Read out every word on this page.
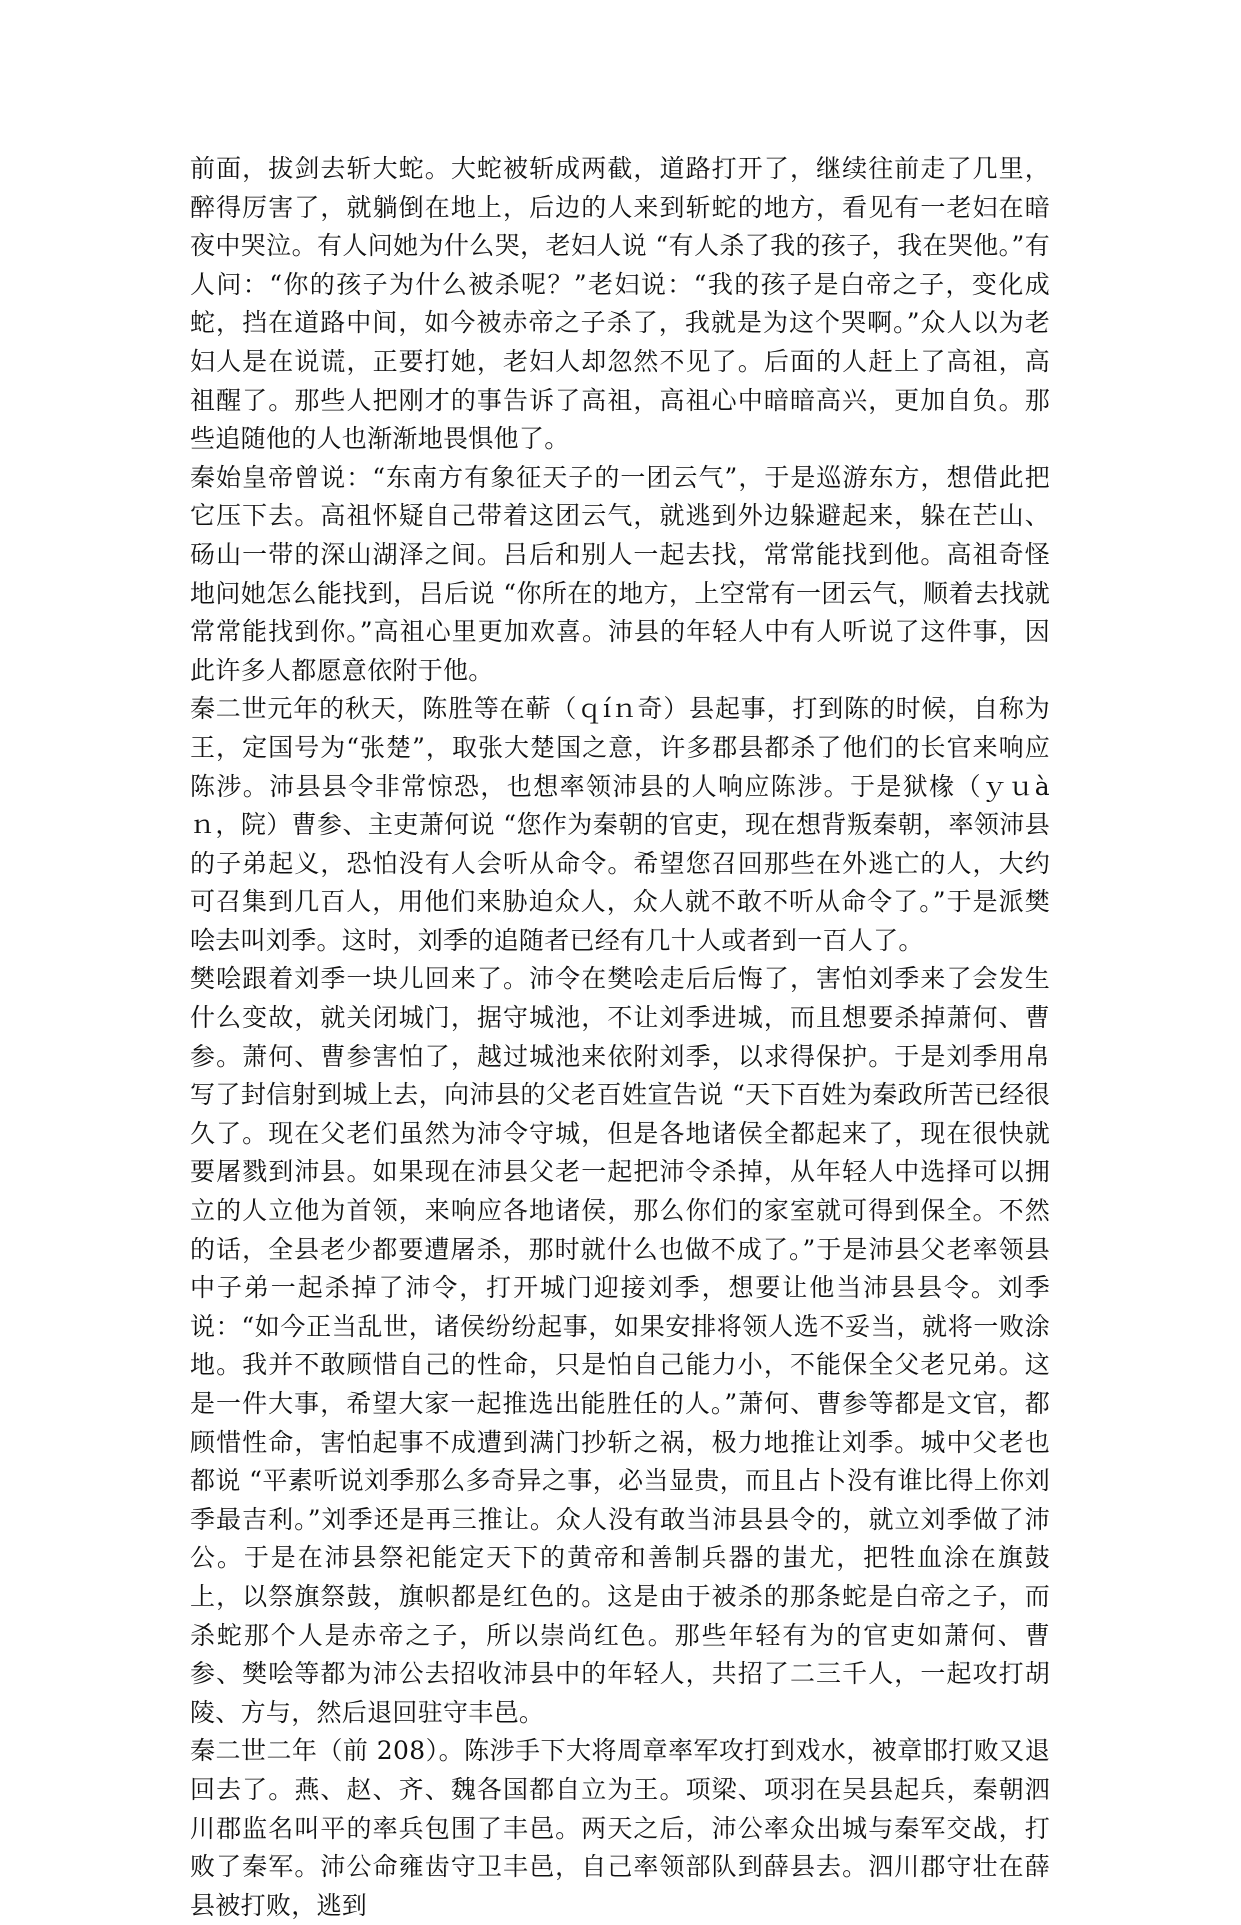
前面，拔剑去斩大蛇。大蛇被斩成两截，道路打开了，继续往前走了几里，醉得厉害了，就躺倒在地上，后边的人来到斩蛇的地方，看见有一老妇在暗夜中哭泣。有人问她为什么哭，老妇人说 “有人杀了我的孩子，我在哭他。”有人问：“你的孩子为什么被杀呢？”老妇说：“我的孩子是白帝之子，变化成蛇，挡在道路中间，如今被赤帝之子杀了，我就是为这个哭啊。”众人以为老妇人是在说谎，正要打她，老妇人却忽然不见了。后面的人赶上了高祖，高祖醒了。那些人把刚才的事告诉了高祖，高祖心中暗暗高兴，更加自负。那些追随他的人也渐渐地畏惧他了。

秦始皇帝曾说：“东南方有象征天子的一团云气”，于是巡游东方，想借此把它压下去。高祖怀疑自己带着这团云气，就逃到外边躲避起来，躲在芒山、砀山一带的深山湖泽之间。吕后和别人一起去找，常常能找到他。高祖奇怪地问她怎么能找到，吕后说 “你所在的地方，上空常有一团云气，顺着去找就常常能找到你。”高祖心里更加欢喜。沛县的年轻人中有人听说了这件事，因此许多人都愿意依附于他。

秦二世元年的秋天，陈胜等在蕲（ｑíｎ奇）县起事，打到陈的时候，自称为王，定国号为“张楚”，取张大楚国之意，许多郡县都杀了他们的长官来响应陈涉。沛县县令非常惊恐，也想率领沛县的人响应陈涉。于是狱椽（ｙｕàｎ，院）曹参、主吏萧何说 “您作为秦朝的官吏，现在想背叛秦朝，率领沛县的子弟起义，恐怕没有人会听从命令。希望您召回那些在外逃亡的人，大约可召集到几百人，用他们来胁迫众人，众人就不敢不听从命令了。”于是派樊哙去叫刘季。这时，刘季的追随者已经有几十人或者到一百人了。

樊哙跟着刘季一块儿回来了。沛令在樊哙走后后悔了，害怕刘季来了会发生什么变故，就关闭城门，据守城池，不让刘季进城，而且想要杀掉萧何、曹参。萧何、曹参害怕了，越过城池来依附刘季，以求得保护。于是刘季用帛写了封信射到城上去，向沛县的父老百姓宣告说 “天下百姓为秦政所苦已经很久了。现在父老们虽然为沛令守城，但是各地诸侯全都起来了，现在很快就要屠戮到沛县。如果现在沛县父老一起把沛令杀掉，从年轻人中选择可以拥立的人立他为首领，来响应各地诸侯，那么你们的家室就可得到保全。不然的话，全县老少都要遭屠杀，那时就什么也做不成了。”于是沛县父老率领县中子弟一起杀掉了沛令，打开城门迎接刘季，想要让他当沛县县令。刘季说：“如今正当乱世，诸侯纷纷起事，如果安排将领人选不妥当，就将一败涂地。我并不敢顾惜自己的性命，只是怕自己能力小，不能保全父老兄弟。这是一件大事，希望大家一起推选出能胜任的人。”萧何、曹参等都是文官，都顾惜性命，害怕起事不成遭到满门抄斩之祸，极力地推让刘季。城中父老也都说 “平素听说刘季那么多奇异之事，必当显贵，而且占卜没有谁比得上你刘季最吉利。”刘季还是再三推让。众人没有敢当沛县县令的，就立刘季做了沛公。于是在沛县祭祀能定天下的黄帝和善制兵器的蚩尤，把牲血涂在旗鼓上，以祭旗祭鼓，旗帜都是红色的。这是由于被杀的那条蛇是白帝之子，而杀蛇那个人是赤帝之子，所以崇尚红色。那些年轻有为的官吏如萧何、曹参、樊哙等都为沛公去招收沛县中的年轻人，共招了二三千人，一起攻打胡陵、方与，然后退回驻守丰邑。

秦二世二年（前 208）。陈涉手下大将周章率军攻打到戏水，被章邯打败又退回去了。燕、赵、齐、魏各国都自立为王。项梁、项羽在吴县起兵，秦朝泗川郡监名叫平的率兵包围了丰邑。两天之后，沛公率众出城与秦军交战，打败了秦军。沛公命雍齿守卫丰邑，自己率领部队到薛县去。泗川郡守壮在薛县被打败，逃到
